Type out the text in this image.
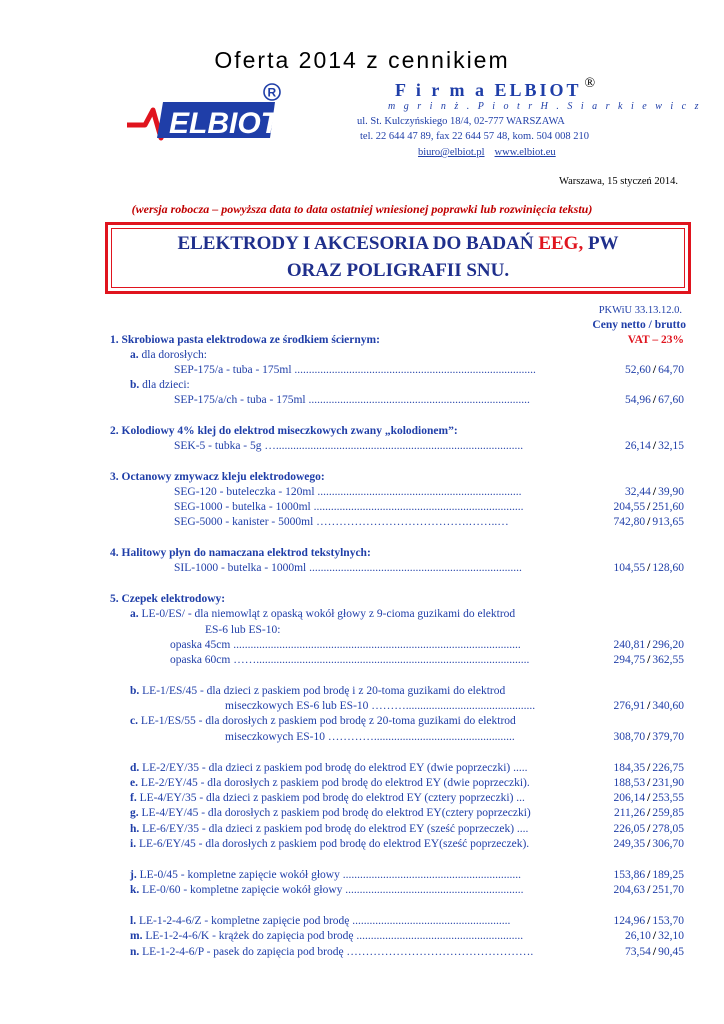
Oferta 2014 z cennikiem
ELBIOT
R	F i r m a ELBIOT ®
m g r i n ż . P i o t r H . S i a r k i e w i c z
ul. St. Kulczyńskiego 18/4, 02-777 WARSZAWA
tel. 22 644 47 89, fax 22 644 57 48, kom. 504 008 210
biuro@elbiot.pl www.elbiot.eu
Warszawa, 15 styczeń 2014.
(wersja robocza – powyższa data to data ostatniej wniesionej poprawki lub rozwinięcia tekstu)
ELEKTRODY I AKCESORIA DO BADAŃ EEG, PW
ORAZ POLIGRAFII SNU.
PKWiU 33.13.12.0.
Ceny netto / brutto
VAT – 23%
1. Skrobiowa pasta elektrodowa ze środkiem ściernym:
a. dla dorosłych:
SEP-175/a - tuba - 175ml ....................................................................................	52,60 / 64,70
b. dla dzieci:
SEP-175/a/ch - tuba - 175ml .............................................................................	54,96 / 67,60
2. Kolodiowy 4% klej do elektrod miseczkowych zwany „kolodionem”:
SEK-5 - tubka - 5g …......................................................................................	26,14 / 32,15
3. Octanowy zmywacz kleju elektrodowego:
SEG-120 - buteleczka - 120ml .......................................................................	32,44 / 39,90
SEG-1000 - butelka - 1000ml .........................................................................	204,55 / 251,60
SEG-5000 - kanister - 5000ml ………………………………….……..…	742,80 / 913,65
4. Halitowy płyn do namaczana elektrod tekstylnych:
SIL-1000 - butelka - 1000ml ..........................................................................	104,55 / 128,60
5. Czepek elektrodowy:
a. LE-0/ES/ - dla niemowląt z opaską wokół głowy z 9-cioma guzikami do elektrod
ES-6 lub ES-10:
opaska 45cm ....................................................................................................	240,81 / 296,20
opaska 60cm ……...............................................................................................	294,75 / 362,55
b. LE-1/ES/45 - dla dzieci z paskiem pod brodę i z 20-toma guzikami do elektrod
miseczkowych ES-6 lub ES-10 ……….............................................	276,91 / 340,60
c. LE-1/ES/55 - dla dorosłych z paskiem pod brodę z 20-toma guzikami do elektrod
miseczkowych ES-10 ………….................................................	308,70 / 379,70
d. LE-2/EY/35 - dla dzieci z paskiem pod brodę do elektrod EY (dwie poprzeczki) .....	184,35 / 226,75
e. LE-2/EY/45 - dla dorosłych z paskiem pod brodę do elektrod EY (dwie poprzeczki).	188,53 / 231,90
f. LE-4/EY/35 - dla dzieci z paskiem pod brodę do elektrod EY (cztery poprzeczki) ...	206,14 / 253,55
g. LE-4/EY/45 - dla dorosłych z paskiem pod brodę do elektrod EY(cztery poprzeczki)	211,26 / 259,85
h. LE-6/EY/35 - dla dzieci z paskiem pod brodę do elektrod EY (sześć poprzeczek) ....	226,05 / 278,05
i. LE-6/EY/45 - dla dorosłych z paskiem pod brodę do elektrod EY(sześć poprzeczek).	249,35 / 306,70
j. LE-0/45 - kompletne zapięcie wokół głowy ..............................................................	153,86 / 189,25
k. LE-0/60 - kompletne zapięcie wokół głowy ..............................................................	204,63 / 251,70
l. LE-1-2-4-6/Z - kompletne zapięcie pod brodę .......................................................	124,96 / 153,70
m. LE-1-2-4-6/K - krążek do zapięcia pod brodę ..........................................................	26,10 / 32,10
n. LE-1-2-4-6/P - pasek do zapięcia pod brodę ………………………………………….	73,54 / 90,45
